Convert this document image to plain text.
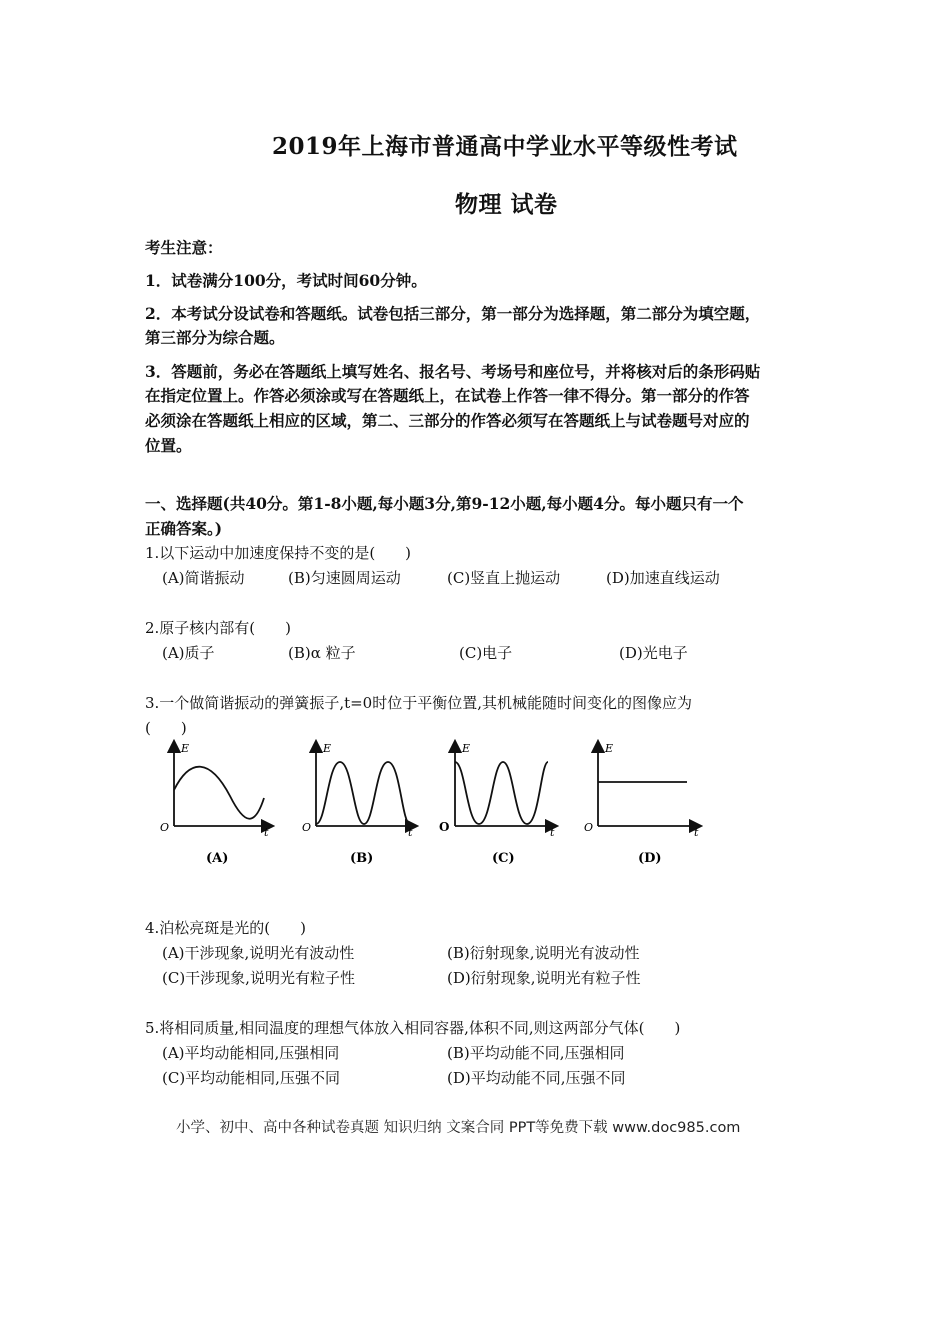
2019年上海市普通高中学业水平等级性考试
物理 试卷
考生注意：
1．试卷满分100分，考试时间60分钟。
2．本考试分设试卷和答题纸。试卷包括三部分，第一部分为选择题，第二部分为填空题，
第三部分为综合题。
3．答题前，务必在答题纸上填写姓名、报名号、考场号和座位号，并将核对后的条形码贴
在指定位置上。作答必须涂或写在答题纸上，在试卷上作答一律不得分。第一部分的作答
必须涂在答题纸上相应的区域，第二、三部分的作答必须写在答题纸上与试卷题号对应的
位置。
一、选择题(共40分。第1-8小题,每小题3分,第9-12小题,每小题4分。每小题只有一个
正确答案。)
1.以下运动中加速度保持不变的是(　　)
(A)简谐振动	(B)匀速圆周运动	(C)竖直上抛运动	(D)加速直线运动
2.原子核内部有(　　)
(A)质子	(B)α 粒子	(C)电子	(D)光电子
3.一个做简谐振动的弹簧振子,t=0时位于平衡位置,其机械能随时间变化的图像应为
(　　)
E
t
O
(A)
E
t
O
(B)
E
t
O
(C)
E
t
O
(D)
4.泊松亮斑是光的(　　)
(A)干涉现象,说明光有波动性	(B)衍射现象,说明光有波动性
(C)干涉现象,说明光有粒子性	(D)衍射现象,说明光有粒子性
5.将相同质量,相同温度的理想气体放入相同容器,体积不同,则这两部分气体(　　)
(A)平均动能相同,压强相同	(B)平均动能不同,压强相同
(C)平均动能相同,压强不同	(D)平均动能不同,压强不同
小学、初中、高中各种试卷真题 知识归纳 文案合同 PPT等免费下载 www.doc985.com
